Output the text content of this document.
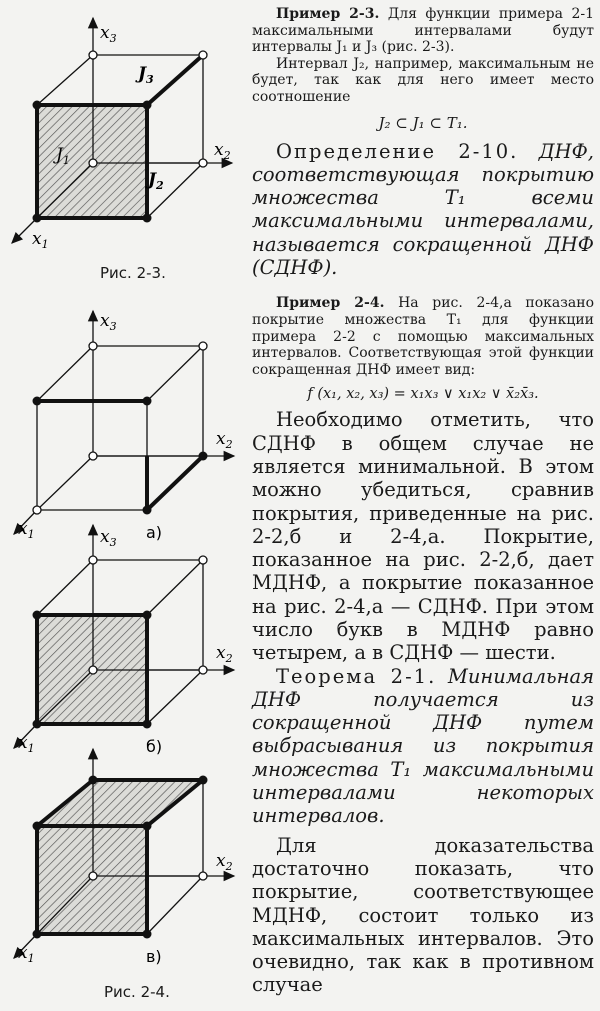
$x_3$
$x_2$
$x_1$
$J_1$
$J_2$
$J_3$
Рис. 2-3.
$x_3$
$x_2$
$x_1$	а)
$x_3$
$x_2$
$x_1$	б)
$x_2$
$x_1$	в)
Рис. 2-4.

Пример 2-3. Для функции примера 2-1 максимальными интервалами будут интервалы J₁ и J₃ (рис. 2-3).

Интервал J₂, например, максимальным не будет, так как для него имеет место соотношение

J₂ ⊂ J₁ ⊂ T₁.

Определение 2-10. ДНФ, соответствующая покрытию множества T₁ всеми максимальными интервалами, называется сокращенной ДНФ (СДНФ).

Пример 2-4. На рис. 2-4,а показано покрытие множества T₁ для функции примера 2-2 с помощью максимальных интервалов. Соответствующая этой функции сокращенная ДНФ имеет вид:

f (x₁, x₂, x₃) = x₁x₃ ∨ x₁x₂ ∨ x̄₂x̄₃.

Необходимо отметить, что СДНФ в общем случае не является минимальной. В этом можно убедиться, сравнив покрытия, приведенные на рис. 2-2,б и 2-4,а. Покрытие, показанное на рис. 2-2,б, дает МДНФ, а покрытие показанное на рис. 2-4,а — СДНФ. При этом число букв в МДНФ равно четырем, а в СДНФ — шести.

Теорема 2-1. Минимальная ДНФ получается из сокращенной ДНФ путем выбрасывания из покрытия множества T₁ максимальными интервалами некоторых интервалов.

Для доказательства достаточно показать, что покрытие, соответствующее МДНФ, состоит только из максимальных интервалов. Это очевидно, так как в противном случае
